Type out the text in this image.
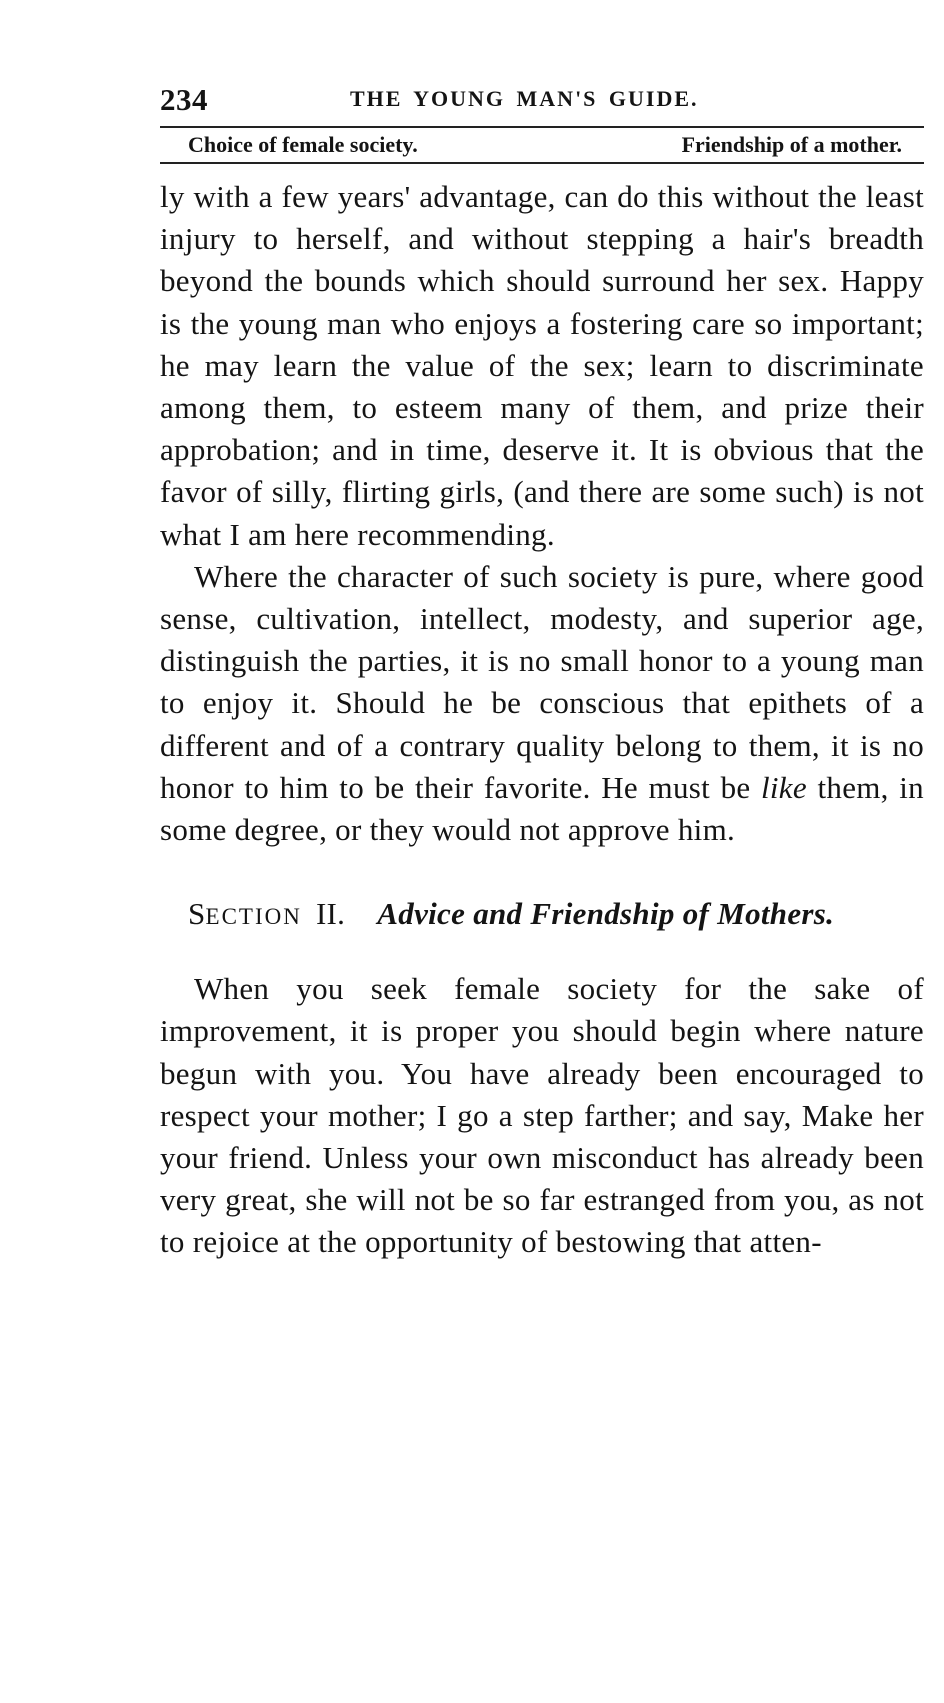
234	THE YOUNG MAN'S GUIDE.
Choice of female society.	Friendship of a mother.

ly with a few years' advantage, can do this without the least injury to herself, and without stepping a hair's breadth beyond the bounds which should surround her sex. Happy is the young man who enjoys a fostering care so important; he may learn the value of the sex; learn to discriminate among them, to esteem many of them, and prize their approbation; and in time, deserve it. It is obvious that the favor of silly, flirting girls, (and there are some such) is not what I am here recommending.

Where the character of such society is pure, where good sense, cultivation, intellect, modesty, and superior age, distinguish the parties, it is no small honor to a young man to enjoy it. Should he be conscious that epithets of a different and of a contrary quality belong to them, it is no honor to him to be their favorite. He must be like them, in some degree, or they would not approve him.

SECTION II. Advice and Friendship of Mothers.

When you seek female society for the sake of improvement, it is proper you should begin where nature begun with you. You have already been encouraged to respect your mother; I go a step farther; and say, Make her your friend. Unless your own misconduct has already been very great, she will not be so far estranged from you, as not to rejoice at the opportunity of bestowing that atten-
